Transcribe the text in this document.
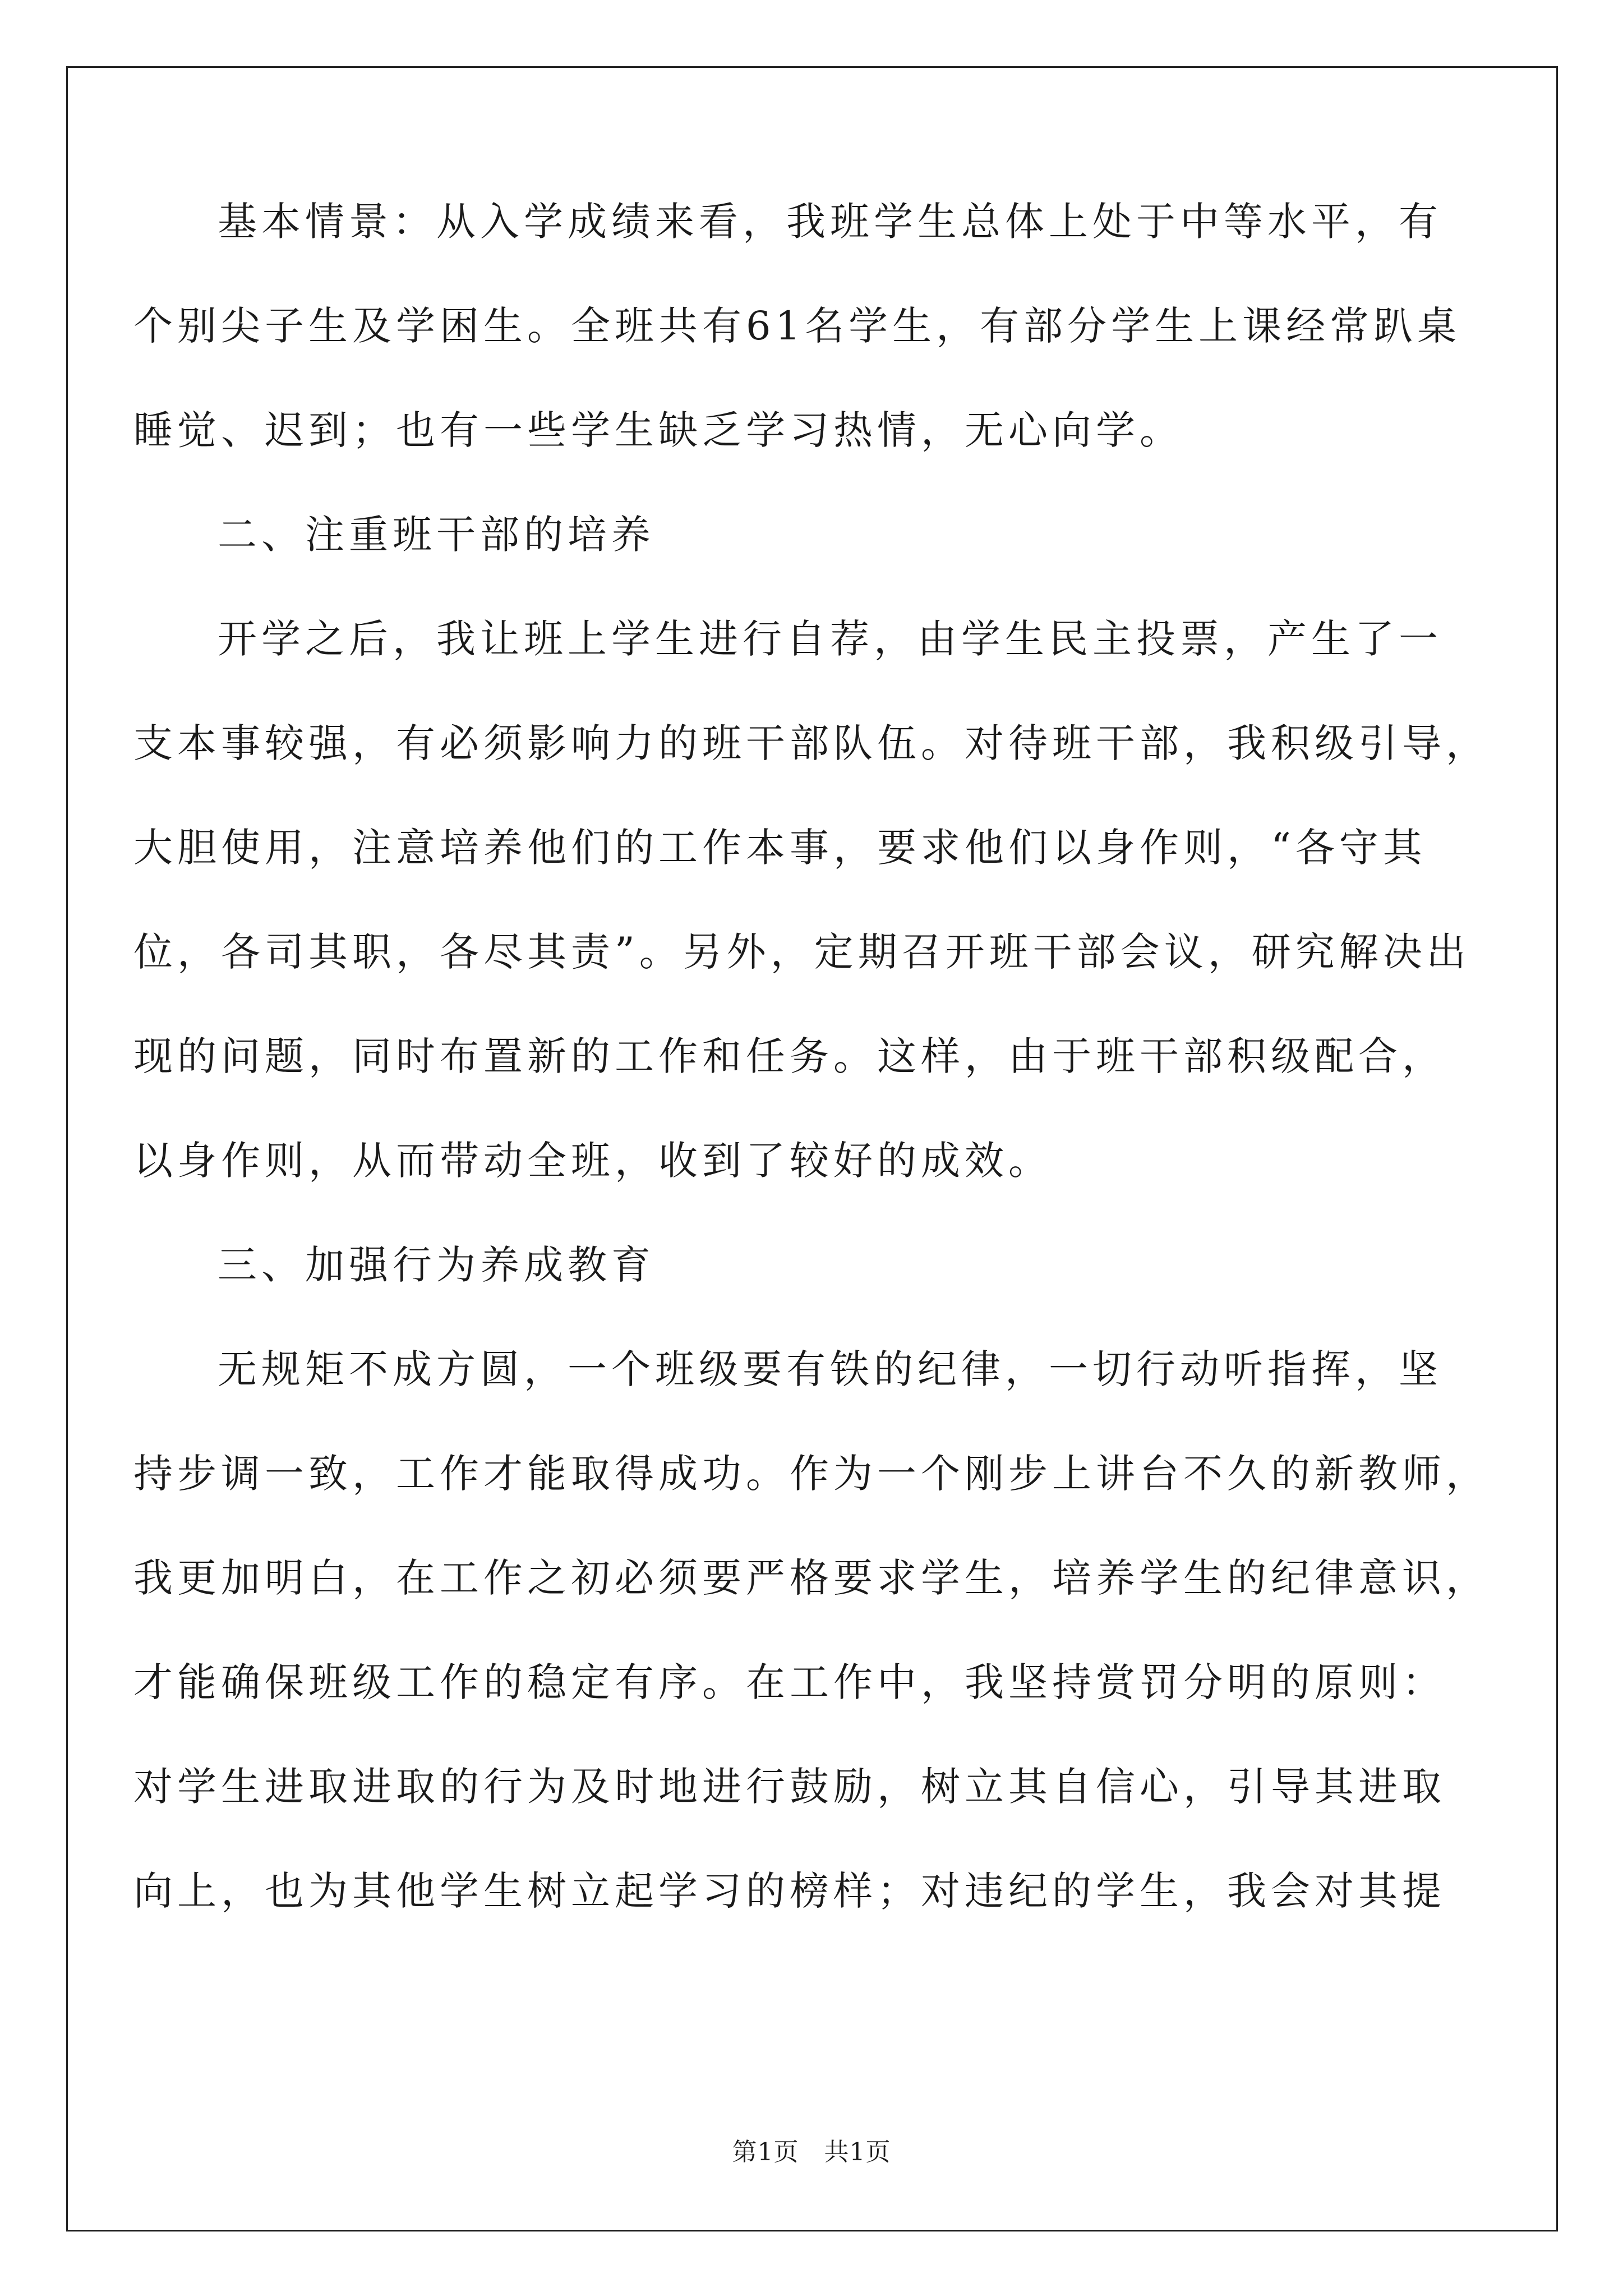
基本情景：从入学成绩来看，我班学生总体上处于中等水平，有
个别尖子生及学困生。全班共有61名学生，有部分学生上课经常趴桌
睡觉、迟到；也有一些学生缺乏学习热情，无心向学。
二、注重班干部的培养
开学之后，我让班上学生进行自荐，由学生民主投票，产生了一
支本事较强，有必须影响力的班干部队伍。对待班干部，我积级引导，
大胆使用，注意培养他们的工作本事，要求他们以身作则，“各守其
位，各司其职，各尽其责”。另外，定期召开班干部会议，研究解决出
现的问题，同时布置新的工作和任务。这样，由于班干部积级配合，
以身作则，从而带动全班，收到了较好的成效。
三、加强行为养成教育
无规矩不成方圆，一个班级要有铁的纪律，一切行动听指挥，坚
持步调一致，工作才能取得成功。作为一个刚步上讲台不久的新教师，
我更加明白，在工作之初必须要严格要求学生，培养学生的纪律意识，
才能确保班级工作的稳定有序。在工作中，我坚持赏罚分明的原则：
对学生进取进取的行为及时地进行鼓励，树立其自信心，引导其进取
向上，也为其他学生树立起学习的榜样；对违纪的学生，我会对其提
第1页   共1页
